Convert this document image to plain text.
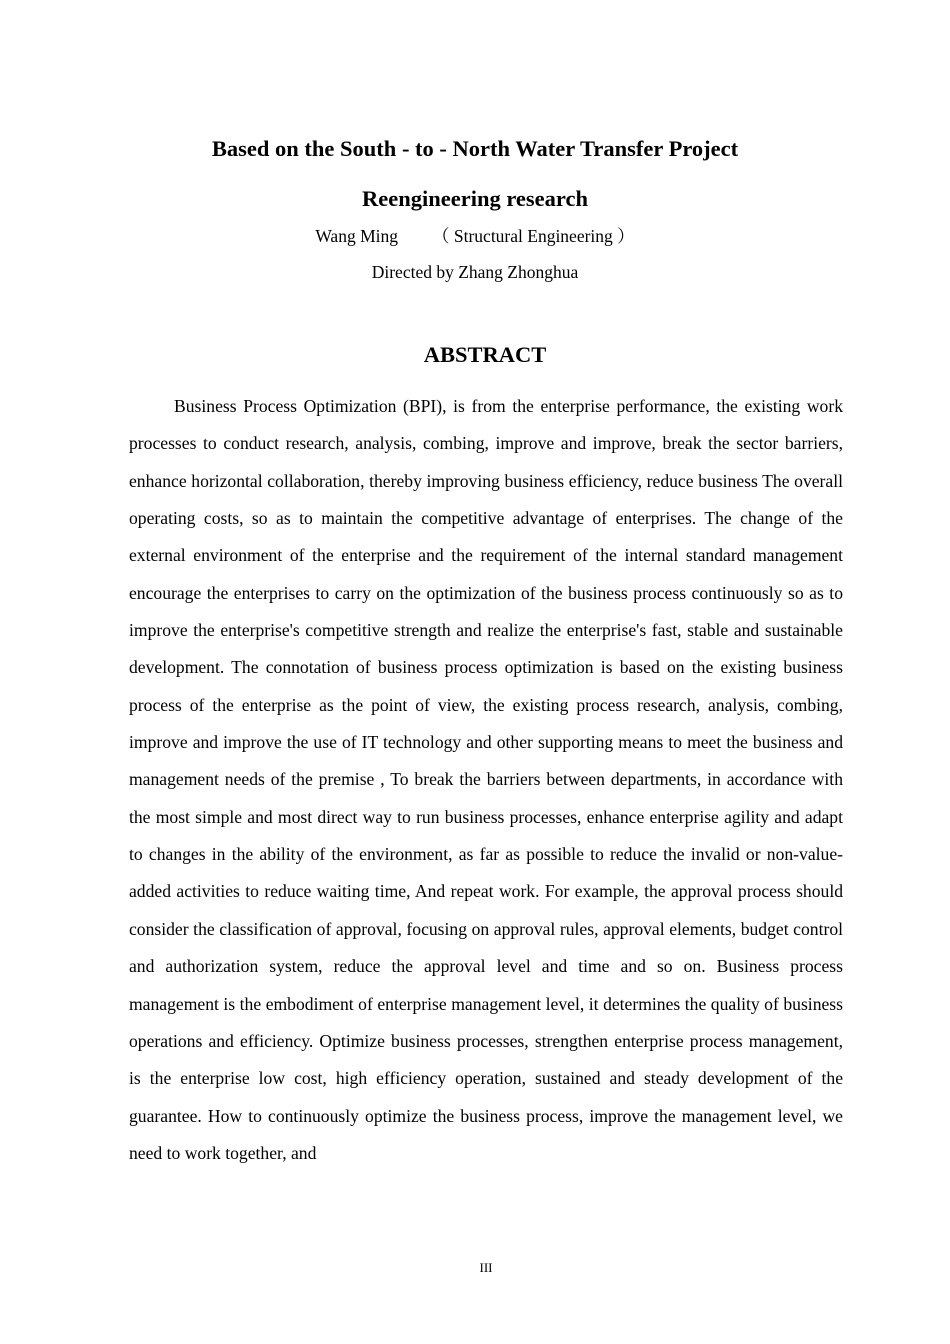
Based on the South - to - North Water Transfer Project
Reengineering research
Wang Ming （ Structural Engineering ）
Directed by Zhang Zhonghua
ABSTRACT

Business Process Optimization (BPI), is from the enterprise performance, the existing work processes to conduct research, analysis, combing, improve and improve, break the sector barriers, enhance horizontal collaboration, thereby improving business efficiency, reduce business The overall operating costs, so as to maintain the competitive advantage of enterprises. The change of the external environment of the enterprise and the requirement of the internal standard management encourage the enterprises to carry on the optimization of the business process continuously so as to improve the enterprise's competitive strength and realize the enterprise's fast, stable and sustainable development. The connotation of business process optimization is based on the existing business process of the enterprise as the point of view, the existing process research, analysis, combing, improve and improve the use of IT technology and other supporting means to meet the business and management needs of the premise , To break the barriers between departments, in accordance with the most simple and most direct way to run business processes, enhance enterprise agility and adapt to changes in the ability of the environment, as far as possible to reduce the invalid or non-value-added activities to reduce waiting time, And repeat work. For example, the approval process should consider the classification of approval, focusing on approval rules, approval elements, budget control and authorization system, reduce the approval level and time and so on. Business process management is the embodiment of enterprise management level, it determines the quality of business operations and efficiency. Optimize business processes, strengthen enterprise process management, is the enterprise low cost, high efficiency operation, sustained and steady development of the guarantee. How to continuously optimize the business process, improve the management level, we need to work together, and

III
